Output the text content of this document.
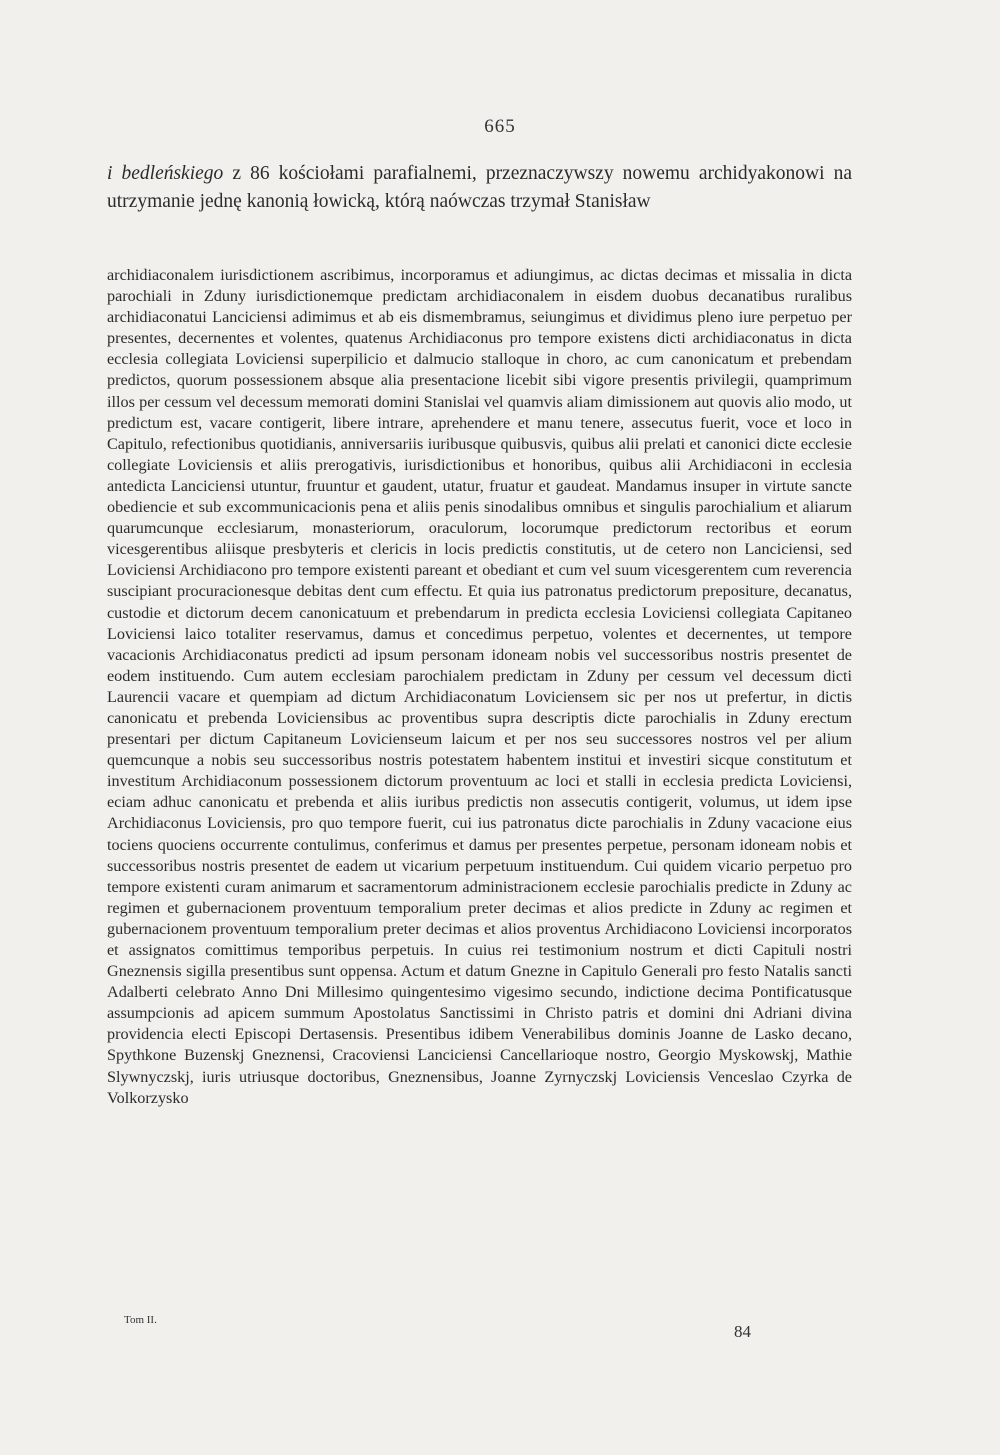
665
i bedleńskiego z 86 kościołami parafialnemi, przeznaczywszy nowemu archidyakonowi na utrzymanie jednę kanonią łowicką, którą naówczas trzymał Stanisław

archidiaconalem iurisdictionem ascribimus, incorporamus et adiungimus, ac dictas decimas et missalia in dicta parochiali in Zduny iurisdictionemque predictam archidiaconalem in eisdem duobus decanatibus ruralibus archidiaconatui Lanciciensi adimimus et ab eis dismembramus, seiungimus et dividimus pleno iure perpetuo per presentes, decernentes et volentes, quatenus Archidiaconus pro tempore existens dicti archidiaconatus in dicta ecclesia collegiata Loviciensi superpilicio et dalmucio stalloque in choro, ac cum canonicatum et prebendam predictos, quorum possessionem absque alia presentacione licebit sibi vigore presentis privilegii, quamprimum illos per cessum vel decessum memorati domini Stanislai vel quamvis aliam dimissionem aut quovis alio modo, ut predictum est, vacare contigerit, libere intrare, aprehendere et manu tenere, assecutus fuerit, voce et loco in Capitulo, refectionibus quotidianis, anniversariis iuribusque quibusvis, quibus alii prelati et canonici dicte ecclesie collegiate Loviciensis et aliis prerogativis, iurisdictionibus et honoribus, quibus alii Archidiaconi in ecclesia antedicta Lanciciensi utuntur, fruuntur et gaudent, utatur, fruatur et gaudeat. Mandamus insuper in virtute sancte obediencie et sub excommunicacionis pena et aliis penis sinodalibus omnibus et singulis parochialium et aliarum quarumcunque ecclesiarum, monasteriorum, oraculorum, locorumque predictorum rectoribus et eorum vicesgerentibus aliisque presbyteris et clericis in locis predictis constitutis, ut de cetero non Lanciciensi, sed Loviciensi Archidiacono pro tempore existenti pareant et obediant et cum vel suum vicesgerentem cum reverencia suscipiant procuracionesque debitas dent cum effectu. Et quia ius patronatus predictorum prepositure, decanatus, custodie et dictorum decem canonicatuum et prebendarum in predicta ecclesia Loviciensi collegiata Capitaneo Loviciensi laico totaliter reservamus, damus et concedimus perpetuo, volentes et decernentes, ut tempore vacacionis Archidiaconatus predicti ad ipsum personam idoneam nobis vel successoribus nostris presentet de eodem instituendo. Cum autem ecclesiam parochialem predictam in Zduny per cessum vel decessum dicti Laurencii vacare et quempiam ad dictum Archidiaconatum Loviciensem sic per nos ut prefertur, in dictis canonicatu et prebenda Loviciensibus ac proventibus supra descriptis dicte parochialis in Zduny erectum presentari per dictum Capitaneum Lovicienseum laicum et per nos seu successores nostros vel per alium quemcunque a nobis seu successoribus nostris potestatem habentem institui et investiri sicque constitutum et investitum Archidiaconum possessionem dictorum proventuum ac loci et stalli in ecclesia predicta Loviciensi, eciam adhuc canonicatu et prebenda et aliis iuribus predictis non assecutis contigerit, volumus, ut idem ipse Archidiaconus Loviciensis, pro quo tempore fuerit, cui ius patronatus dicte parochialis in Zduny vacacione eius tociens quociens occurrente contulimus, conferimus et damus per presentes perpetue, personam idoneam nobis et successoribus nostris presentet de eadem ut vicarium perpetuum instituendum. Cui quidem vicario perpetuo pro tempore existenti curam animarum et sacramentorum administracionem ecclesie parochialis predicte in Zduny ac regimen et gubernacionem proventuum temporalium preter decimas et alios predicte in Zduny ac regimen et gubernacionem proventuum temporalium preter decimas et alios proventus Archidiacono Loviciensi incorporatos et assignatos comittimus temporibus perpetuis. In cuius rei testimonium nostrum et dicti Capituli nostri Gneznensis sigilla presentibus sunt oppensa. Actum et datum Gnezne in Capitulo Generali pro festo Natalis sancti Adalberti celebrato Anno Dni Millesimo quingentesimo vigesimo secundo, indictione decima Pontificatusque assumpcionis ad apicem summum Apostolatus Sanctissimi in Christo patris et domini dni Adriani divina providencia electi Episcopi Dertasensis. Presentibus idibem Venerabilibus dominis Joanne de Lasko decano, Spythkone Buzenskj Gneznensi, Cracoviensi Lanciciensi Cancellarioque nostro, Georgio Myskowskj, Mathie Slywnyczskj, iuris utriusque doctoribus, Gneznensibus, Joanne Zyrnyczskj Loviciensis Venceslao Czyrka de Volkorzysko

Tom II.
84
